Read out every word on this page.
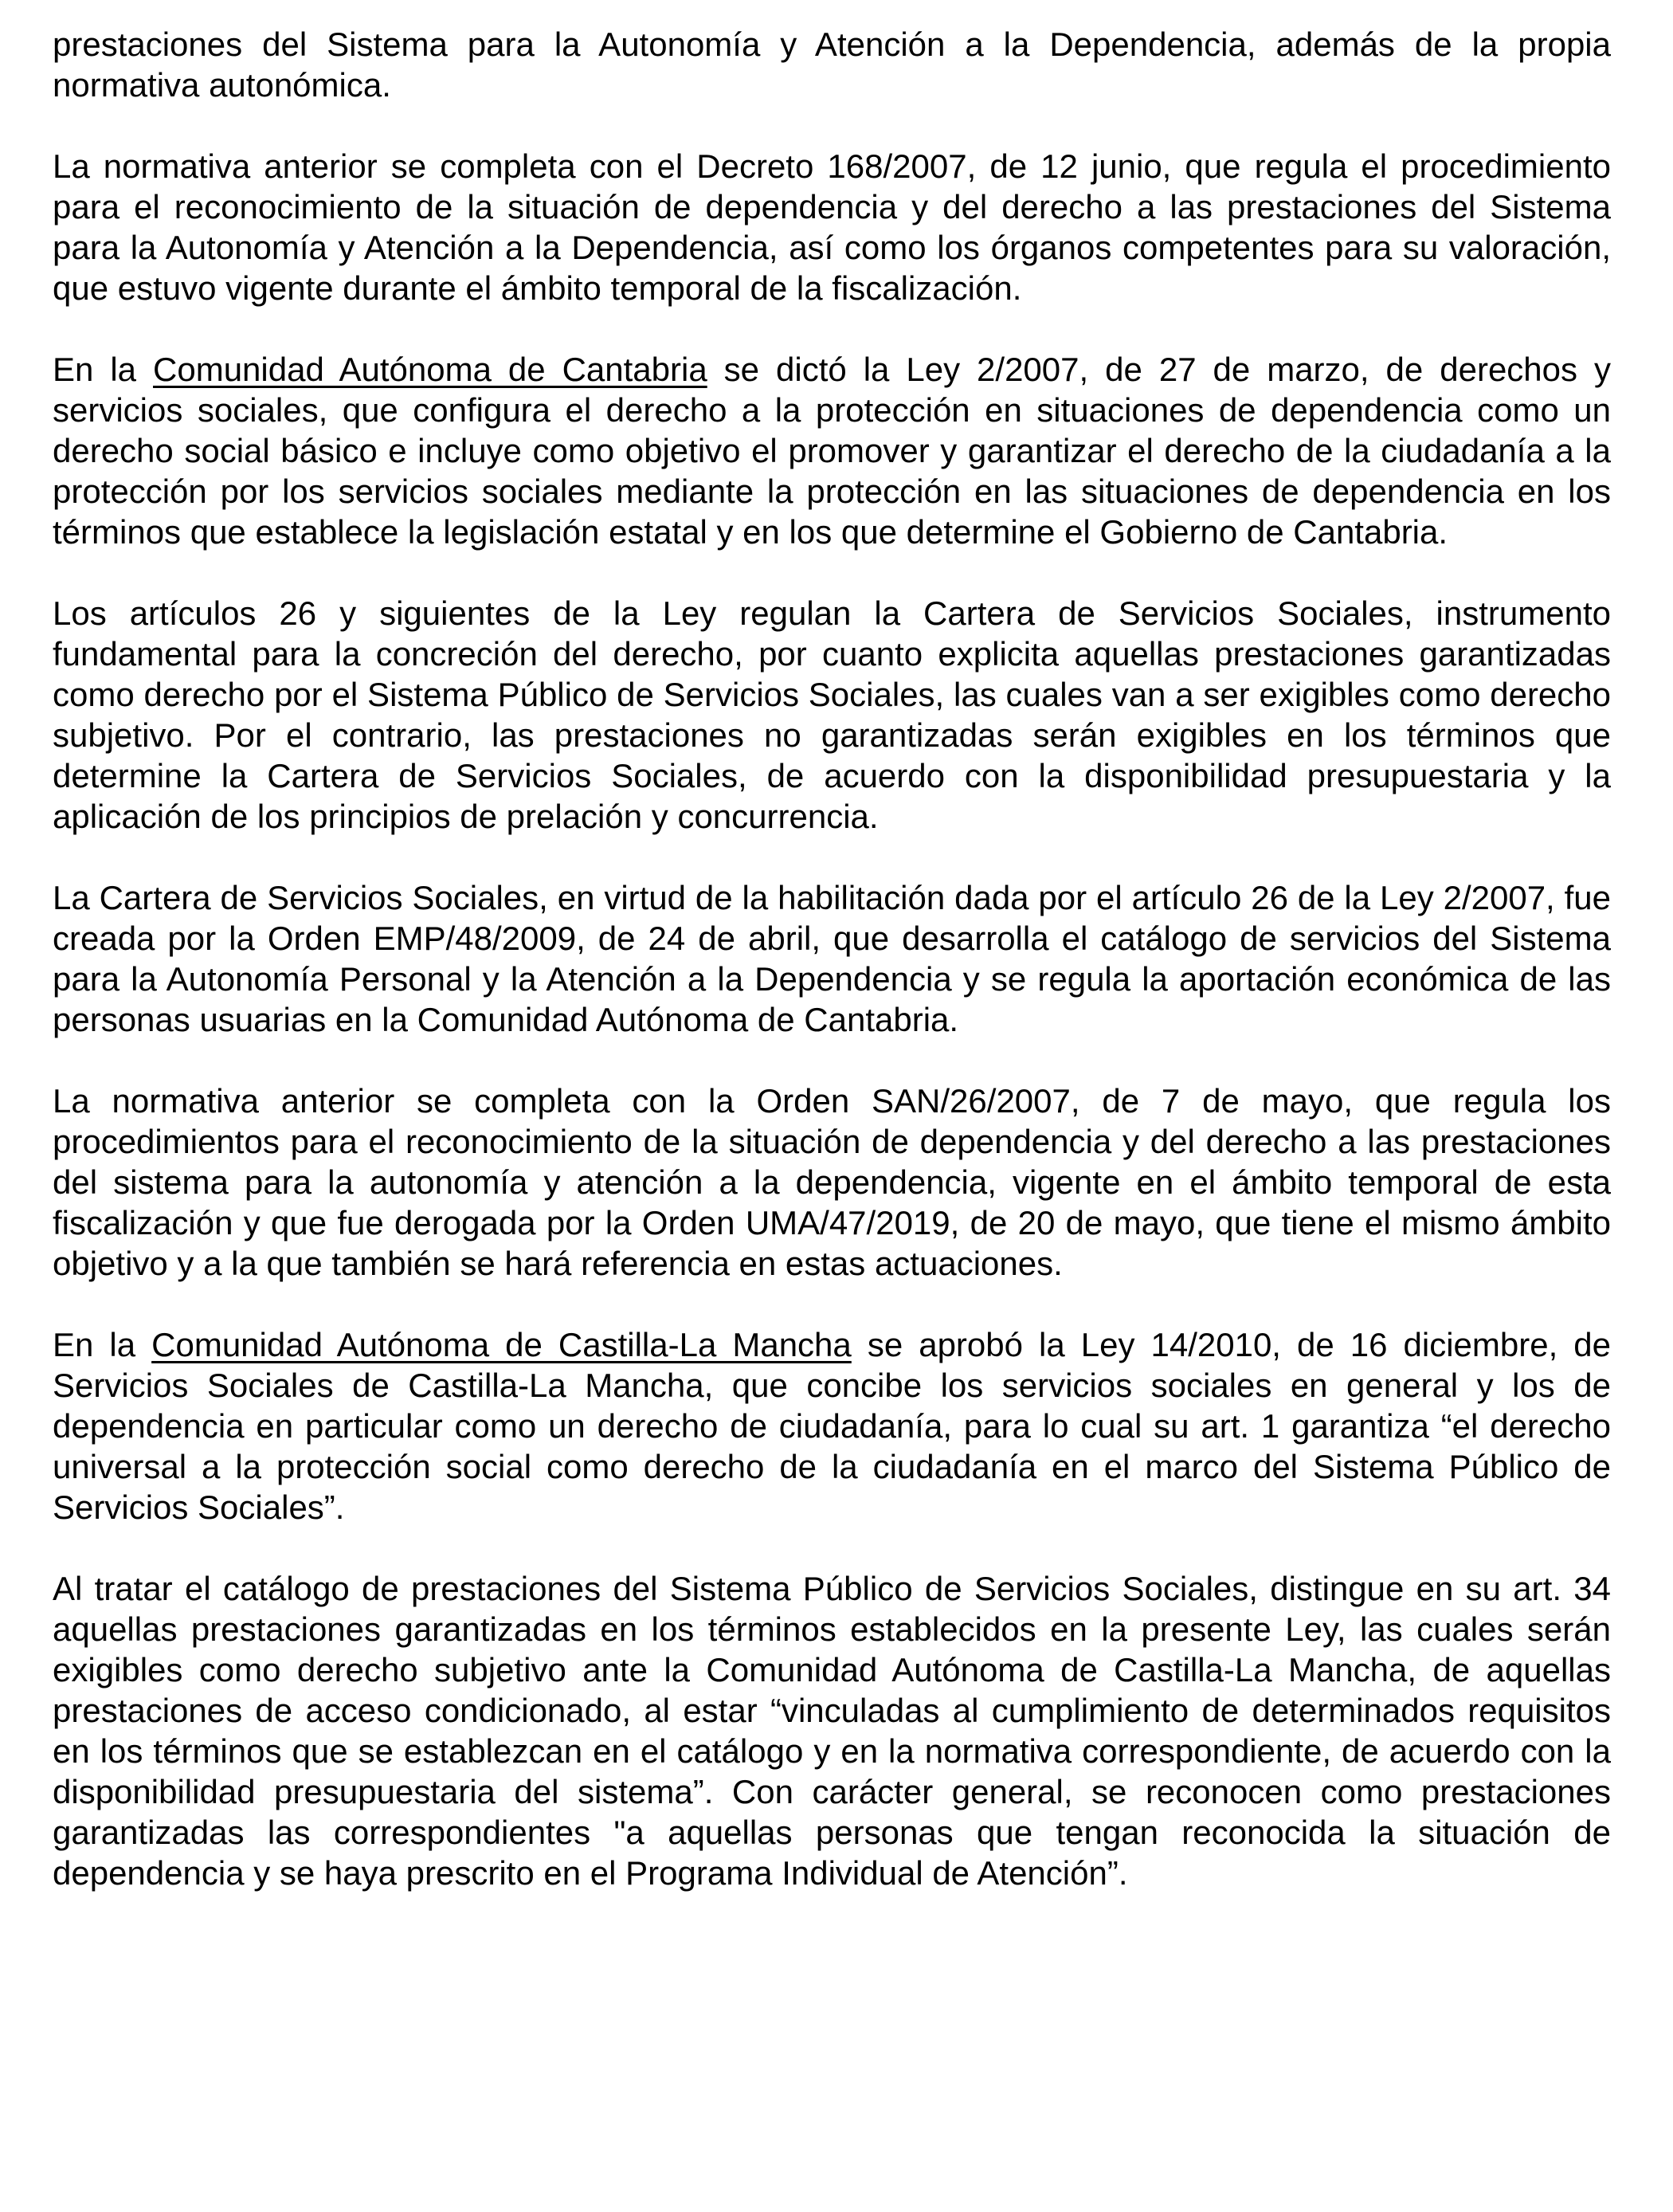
prestaciones del Sistema para la Autonomía y Atención a la Dependencia, además de la propia normativa autonómica.

La normativa anterior se completa con el Decreto 168/2007, de 12 junio, que regula el procedimiento para el reconocimiento de la situación de dependencia y del derecho a las prestaciones del Sistema para la Autonomía y Atención a la Dependencia, así como los órganos competentes para su valoración, que estuvo vigente durante el ámbito temporal de la fiscalización.

En la Comunidad Autónoma de Cantabria se dictó la Ley 2/2007, de 27 de marzo, de derechos y servicios sociales, que configura el derecho a la protección en situaciones de dependencia como un derecho social básico e incluye como objetivo el promover y garantizar el derecho de la ciudadanía a la protección por los servicios sociales mediante la protección en las situaciones de dependencia en los términos que establece la legislación estatal y en los que determine el Gobierno de Cantabria.

Los artículos 26 y siguientes de la Ley regulan la Cartera de Servicios Sociales, instrumento fundamental para la concreción del derecho, por cuanto explicita aquellas prestaciones garantizadas como derecho por el Sistema Público de Servicios Sociales, las cuales van a ser exigibles como derecho subjetivo. Por el contrario, las prestaciones no garantizadas serán exigibles en los términos que determine la Cartera de Servicios Sociales, de acuerdo con la disponibilidad presupuestaria y la aplicación de los principios de prelación y concurrencia.

La Cartera de Servicios Sociales, en virtud de la habilitación dada por el artículo 26 de la Ley 2/2007, fue creada por la Orden EMP/48/2009, de 24 de abril, que desarrolla el catálogo de servicios del Sistema para la Autonomía Personal y la Atención a la Dependencia y se regula la aportación económica de las personas usuarias en la Comunidad Autónoma de Cantabria.

La normativa anterior se completa con la Orden SAN/26/2007, de 7 de mayo, que regula los procedimientos para el reconocimiento de la situación de dependencia y del derecho a las prestaciones del sistema para la autonomía y atención a la dependencia, vigente en el ámbito temporal de esta fiscalización y que fue derogada por la Orden UMA/47/2019, de 20 de mayo, que tiene el mismo ámbito objetivo y a la que también se hará referencia en estas actuaciones.

En la Comunidad Autónoma de Castilla-La Mancha se aprobó la Ley 14/2010, de 16 diciembre, de Servicios Sociales de Castilla-La Mancha, que concibe los servicios sociales en general y los de dependencia en particular como un derecho de ciudadanía, para lo cual su art. 1 garantiza “el derecho universal a la protección social como derecho de la ciudadanía en el marco del Sistema Público de Servicios Sociales”.

Al tratar el catálogo de prestaciones del Sistema Público de Servicios Sociales, distingue en su art. 34 aquellas prestaciones garantizadas en los términos establecidos en la presente Ley, las cuales serán exigibles como derecho subjetivo ante la Comunidad Autónoma de Castilla-La Mancha, de aquellas prestaciones de acceso condicionado, al estar “vinculadas al cumplimiento de determinados requisitos en los términos que se establezcan en el catálogo y en la normativa correspondiente, de acuerdo con la disponibilidad presupuestaria del sistema”. Con carácter general, se reconocen como prestaciones garantizadas las correspondientes "a aquellas personas que tengan reconocida la situación de dependencia y se haya prescrito en el Programa Individual de Atención”.
